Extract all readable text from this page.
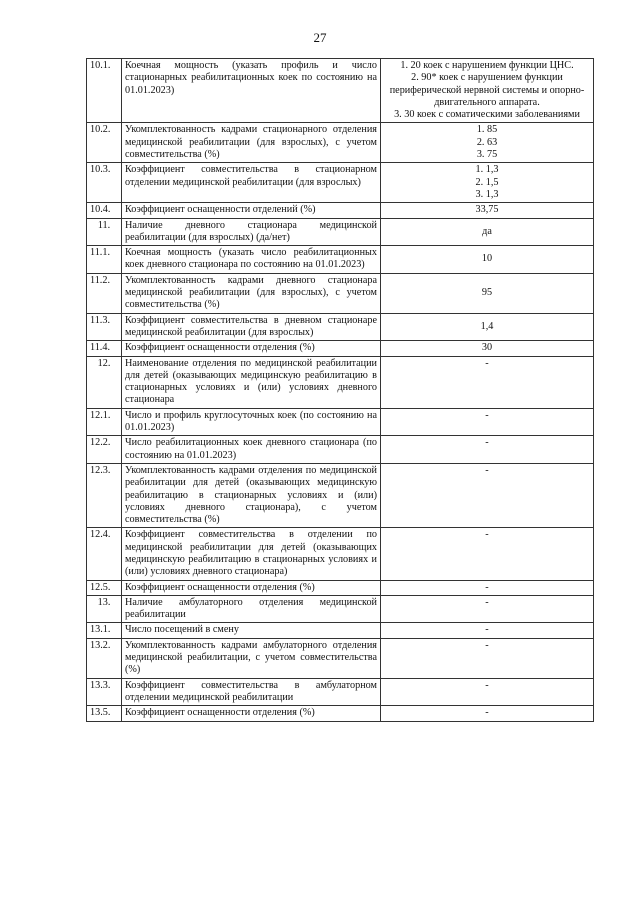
27
10.1.	Коечная мощность (указать профиль и число стационарных реабилитационных коек по состоянию на 01.01.2023)	1. 20 коек с нарушением функции ЦНС.
2. 90* коек с нарушением функции периферической нервной системы и опорно-двигательного аппарата.
3. 30 коек с соматическими заболеваниями

10.2.	Укомплектованность кадрами стационарного отделения медицинской реабилитации (для взрослых), с учетом совместительства (%)	1. 85
2. 63
3. 75

10.3.	Коэффициент совместительства в стационарном отделении медицинской реабилитации (для взрослых)	1. 1,3
2. 1,5
3. 1,3

10.4.	Коэффициент оснащенности отделений (%)	33,75

11.	Наличие дневного стационара медицинской реабилитации (для взрослых) (да/нет)	да

11.1.	Коечная мощность (указать число реабилитационных коек дневного стационара по состоянию на 01.01.2023)	10

11.2.	Укомплектованность кадрами дневного стационара медицинской реабилитации (для взрослых), с учетом совместительства (%)	95

11.3.	Коэффициент совместительства в дневном стационаре медицинской реабилитации (для взрослых)	1,4

11.4.	Коэффициент оснащенности отделения (%)	30

12.	Наименование отделения по медицинской реабилитации для детей (оказывающих медицинскую реабилитацию в стационарных условиях и (или) условиях дневного стационара	-

12.1.	Число и профиль круглосуточных коек (по состоянию на 01.01.2023)	-

12.2.	Число реабилитационных коек дневного стационара (по состоянию на 01.01.2023)	-

12.3.	Укомплектованность кадрами отделения по медицинской реабилитации для детей (оказывающих медицинскую реабилитацию в стационарных условиях и (или) условиях дневного стационара), с учетом совместительства (%)	-

12.4.	Коэффициент совместительства в отделении по медицинской реабилитации для детей (оказывающих медицинскую реабилитацию в стационарных условиях и (или) условиях дневного стационара)	-

12.5.	Коэффициент оснащенности отделения (%)	-

13.	Наличие амбулаторного отделения медицинской реабилитации	-

13.1.	Число посещений в смену	-

13.2.	Укомплектованность кадрами амбулаторного отделения медицинской реабилитации, с учетом совместительства (%)	-

13.3.	Коэффициент совместительства в амбулаторном отделении медицинской реабилитации	-

13.5.	Коэффициент оснащенности отделения (%)	-
